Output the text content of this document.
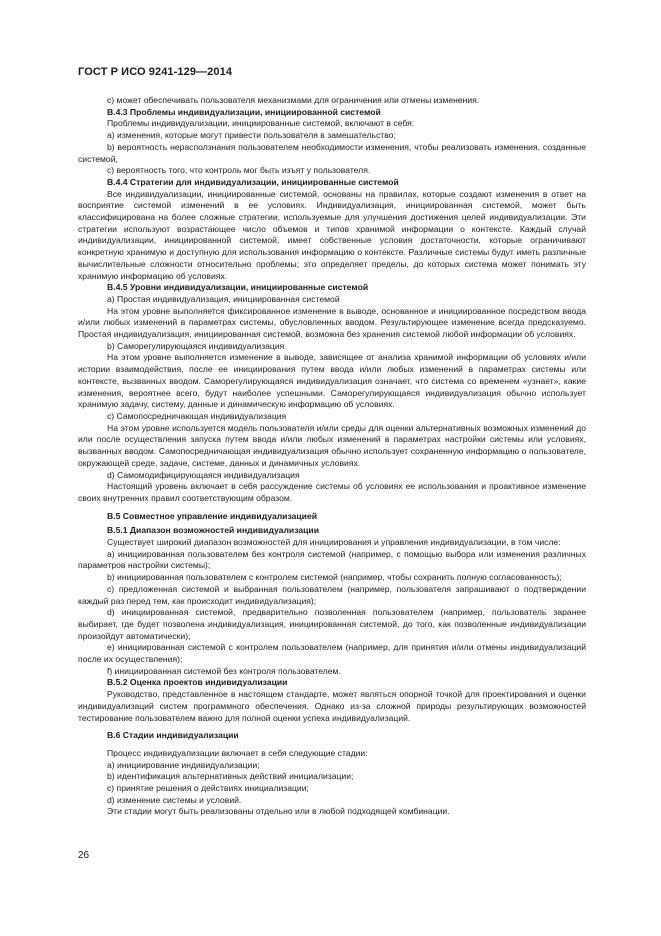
ГОСТ Р ИСО 9241-129—2014

c) может обеспечивать пользователя механизмами для ограничения или отмены изменения.

B.4.3 Проблемы индивидуализации, инициированной системой

Проблемы индивидуализации, инициированные системой, включают в себя:

a) изменения, которые могут привести пользователя в замешательство;

b) вероятность нерасползнания пользователем необходимости изменения, чтобы реализовать изменения, созданные системой,

c) вероятность того, что контроль мог быть изъят у пользователя.

B.4.4 Стратегии для индивидуализации, инициированные системой

Все индивидуализации, инициированные системой, основаны на правилах, которые создают изменения в ответ на восприятие системой изменений в ее условиях. Индивидуализация, инициированная системой, может быть классифицирована на более сложные стратегии, используемые для улучшения достижения целей индивидуализации. Эти стратегии используют возрастающее число объемов и типов хранимой информации о контексте. Каждый случай индивидуализации, инициированной системой, имеет собственные условия достаточности, которые ограничивают конкретную хранимую и доступную для использования информацию о контексте. Различные системы будут иметь различные вычислительные сложности относительно проблемы; это определяет пределы, до которых система может понимать эту хранимую информацию об условиях.

B.4.5 Уровни индивидуализации, инициированные системой

a) Простая индивидуализация, инициированная системой

На этом уровне выполняется фиксированное изменение в выводе, основанное и инициированное посредством ввода и/или любых изменений в параметрах системы, обусловленных вводом. Результирующее изменение всегда предсказуемо. Простая индивидуализация, инициированная системой, возможна без хранения системой любой информации об условиях.

b) Саморегулирующаяся индивидуализация

На этом уровне выполняется изменение в выводе, зависящее от анализа хранимой информации об условиях и/или истории взаимодействия, после ее инициирования путем ввода и/или любых изменений в параметрах системы или контексте, вызванных вводом. Саморегулирующаяся индивидуализация означает, что система со временем «узнает», какие изменения, вероятнее всего, будут наиболее успешными. Саморегулирующаяся индивидуализация обычно использует хранимую задачу, систему, данные и динамическую информацию об условиях.

c) Самопосредничающая индивидуализация

На этом уровне используется модель пользователя и/или среды для оценки альтернативных возможных изменений до или после осуществления запуска путем ввода и/или любых изменений в параметрах настройки системы или условиях, вызванных вводом. Самопосредничающая индивидуализация обычно использует сохраненную информацию о пользователе, окружающей среде, задаче, системе, данных и динамичных условиях.

d) Самомодифицирующаяся индивидуализация

Настоящий уровень включает в себя рассуждение системы об условиях ее использования и проактивное изменение своих внутренних правил соответствующим образом.

B.5 Совместное управление индивидуализацией

B.5.1 Диапазон возможностей индивидуализации

Существует широкий диапазон возможностей для инициирования и управления индивидуализации, в том числе:

a) инициированная пользователем без контроля системой (например, с помощью выбора или изменения различных параметров настройки системы);

b) инициированная пользователем с контролем системой (например, чтобы сохранить полную согласованность);

c) предложенная системой и выбранная пользователем (например, пользователя запрашивают о подтверждении каждый раз перед тем, как происходит индивидуализация);

d) инициированная системой, предварительно позволенная пользователем (например, пользователь заранее выбирает, где будет позволена индивидуализация, инициированная системой, до того, как позволенные индивидуализации произойдут автоматически);

e) инициированная системой с контролем пользователем (например, для принятия и/или отмены индивидуализаций после их осуществления);

f) инициированная системой без контроля пользователем.

B.5.2 Оценка проектов индивидуализации

Руководство, представленное в настоящем стандарте, может являться опорной точкой для проектирования и оценки индивидуализаций систем программного обеспечения. Однако из-за сложной природы результирующих возможностей тестирование пользователем важно для полной оценки успеха индивидуализаций.

B.6 Стадии индивидуализации

Процесс индивидуализации включает в себя следующие стадии:

a) инициирование индивидуализации;

b) идентификация альтернативных действий инициализации;

c) принятие решения о действиях инициализации;

d) изменение системы и условий.

Эти стадии могут быть реализованы отдельно или в любой подходящей комбинации.

26
